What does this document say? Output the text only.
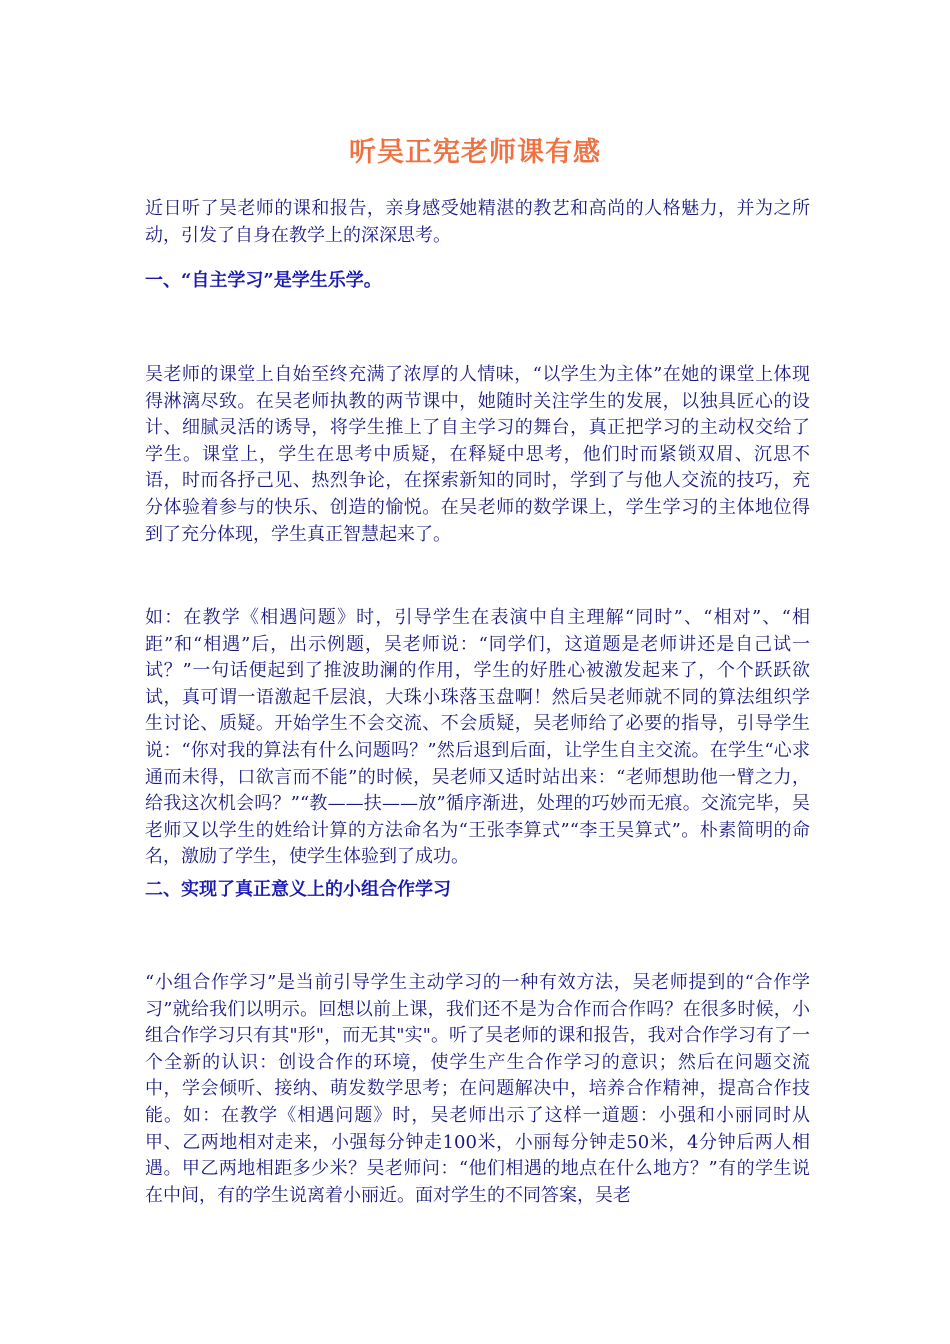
听吴正宪老师课有感
近日听了吴老师的课和报告，亲身感受她精湛的教艺和高尚的人格魅力，并为之所动，引发了自身在教学上的深深思考。
一、“自主学习”是学生乐学。
吴老师的课堂上自始至终充满了浓厚的人情味，“以学生为主体”在她的课堂上体现得淋漓尽致。在吴老师执教的两节课中，她随时关注学生的发展，以独具匠心的设计、细腻灵活的诱导，将学生推上了自主学习的舞台，真正把学习的主动权交给了学生。课堂上，学生在思考中质疑，在释疑中思考，他们时而紧锁双眉、沉思不语，时而各抒己见、热烈争论，在探索新知的同时，学到了与他人交流的技巧，充分体验着参与的快乐、创造的愉悦。在吴老师的数学课上，学生学习的主体地位得到了充分体现，学生真正智慧起来了。
如：在教学《相遇问题》时，引导学生在表演中自主理解“同时”、“相对”、“相距”和“相遇”后，出示例题，吴老师说：“同学们，这道题是老师讲还是自己试一试？”一句话便起到了推波助澜的作用，学生的好胜心被激发起来了，个个跃跃欲试，真可谓一语激起千层浪，大珠小珠落玉盘啊！然后吴老师就不同的算法组织学生讨论、质疑。开始学生不会交流、不会质疑，吴老师给了必要的指导，引导学生说：“你对我的算法有什么问题吗？”然后退到后面，让学生自主交流。在学生“心求通而未得，口欲言而不能”的时候，吴老师又适时站出来：“老师想助他一臂之力，给我这次机会吗？”“教——扶——放”循序渐进，处理的巧妙而无痕。交流完毕，吴老师又以学生的姓给计算的方法命名为“王张李算式”“李王吴算式”。朴素简明的命名，激励了学生，使学生体验到了成功。
二、实现了真正意义上的小组合作学习
“小组合作学习”是当前引导学生主动学习的一种有效方法，吴老师提到的“合作学习”就给我们以明示。回想以前上课，我们还不是为合作而合作吗？在很多时候，小组合作学习只有其"形"，而无其"实"。听了吴老师的课和报告，我对合作学习有了一个全新的认识：创设合作的环境，使学生产生合作学习的意识；然后在问题交流中，学会倾听、接纳、萌发数学思考；在问题解决中，培养合作精神，提高合作技能。如：在教学《相遇问题》时，吴老师出示了这样一道题：小强和小丽同时从甲、乙两地相对走来，小强每分钟走100米，小丽每分钟走50米，4分钟后两人相遇。甲乙两地相距多少米？吴老师问：“他们相遇的地点在什么地方？”有的学生说在中间，有的学生说离着小丽近。面对学生的不同答案，吴老
